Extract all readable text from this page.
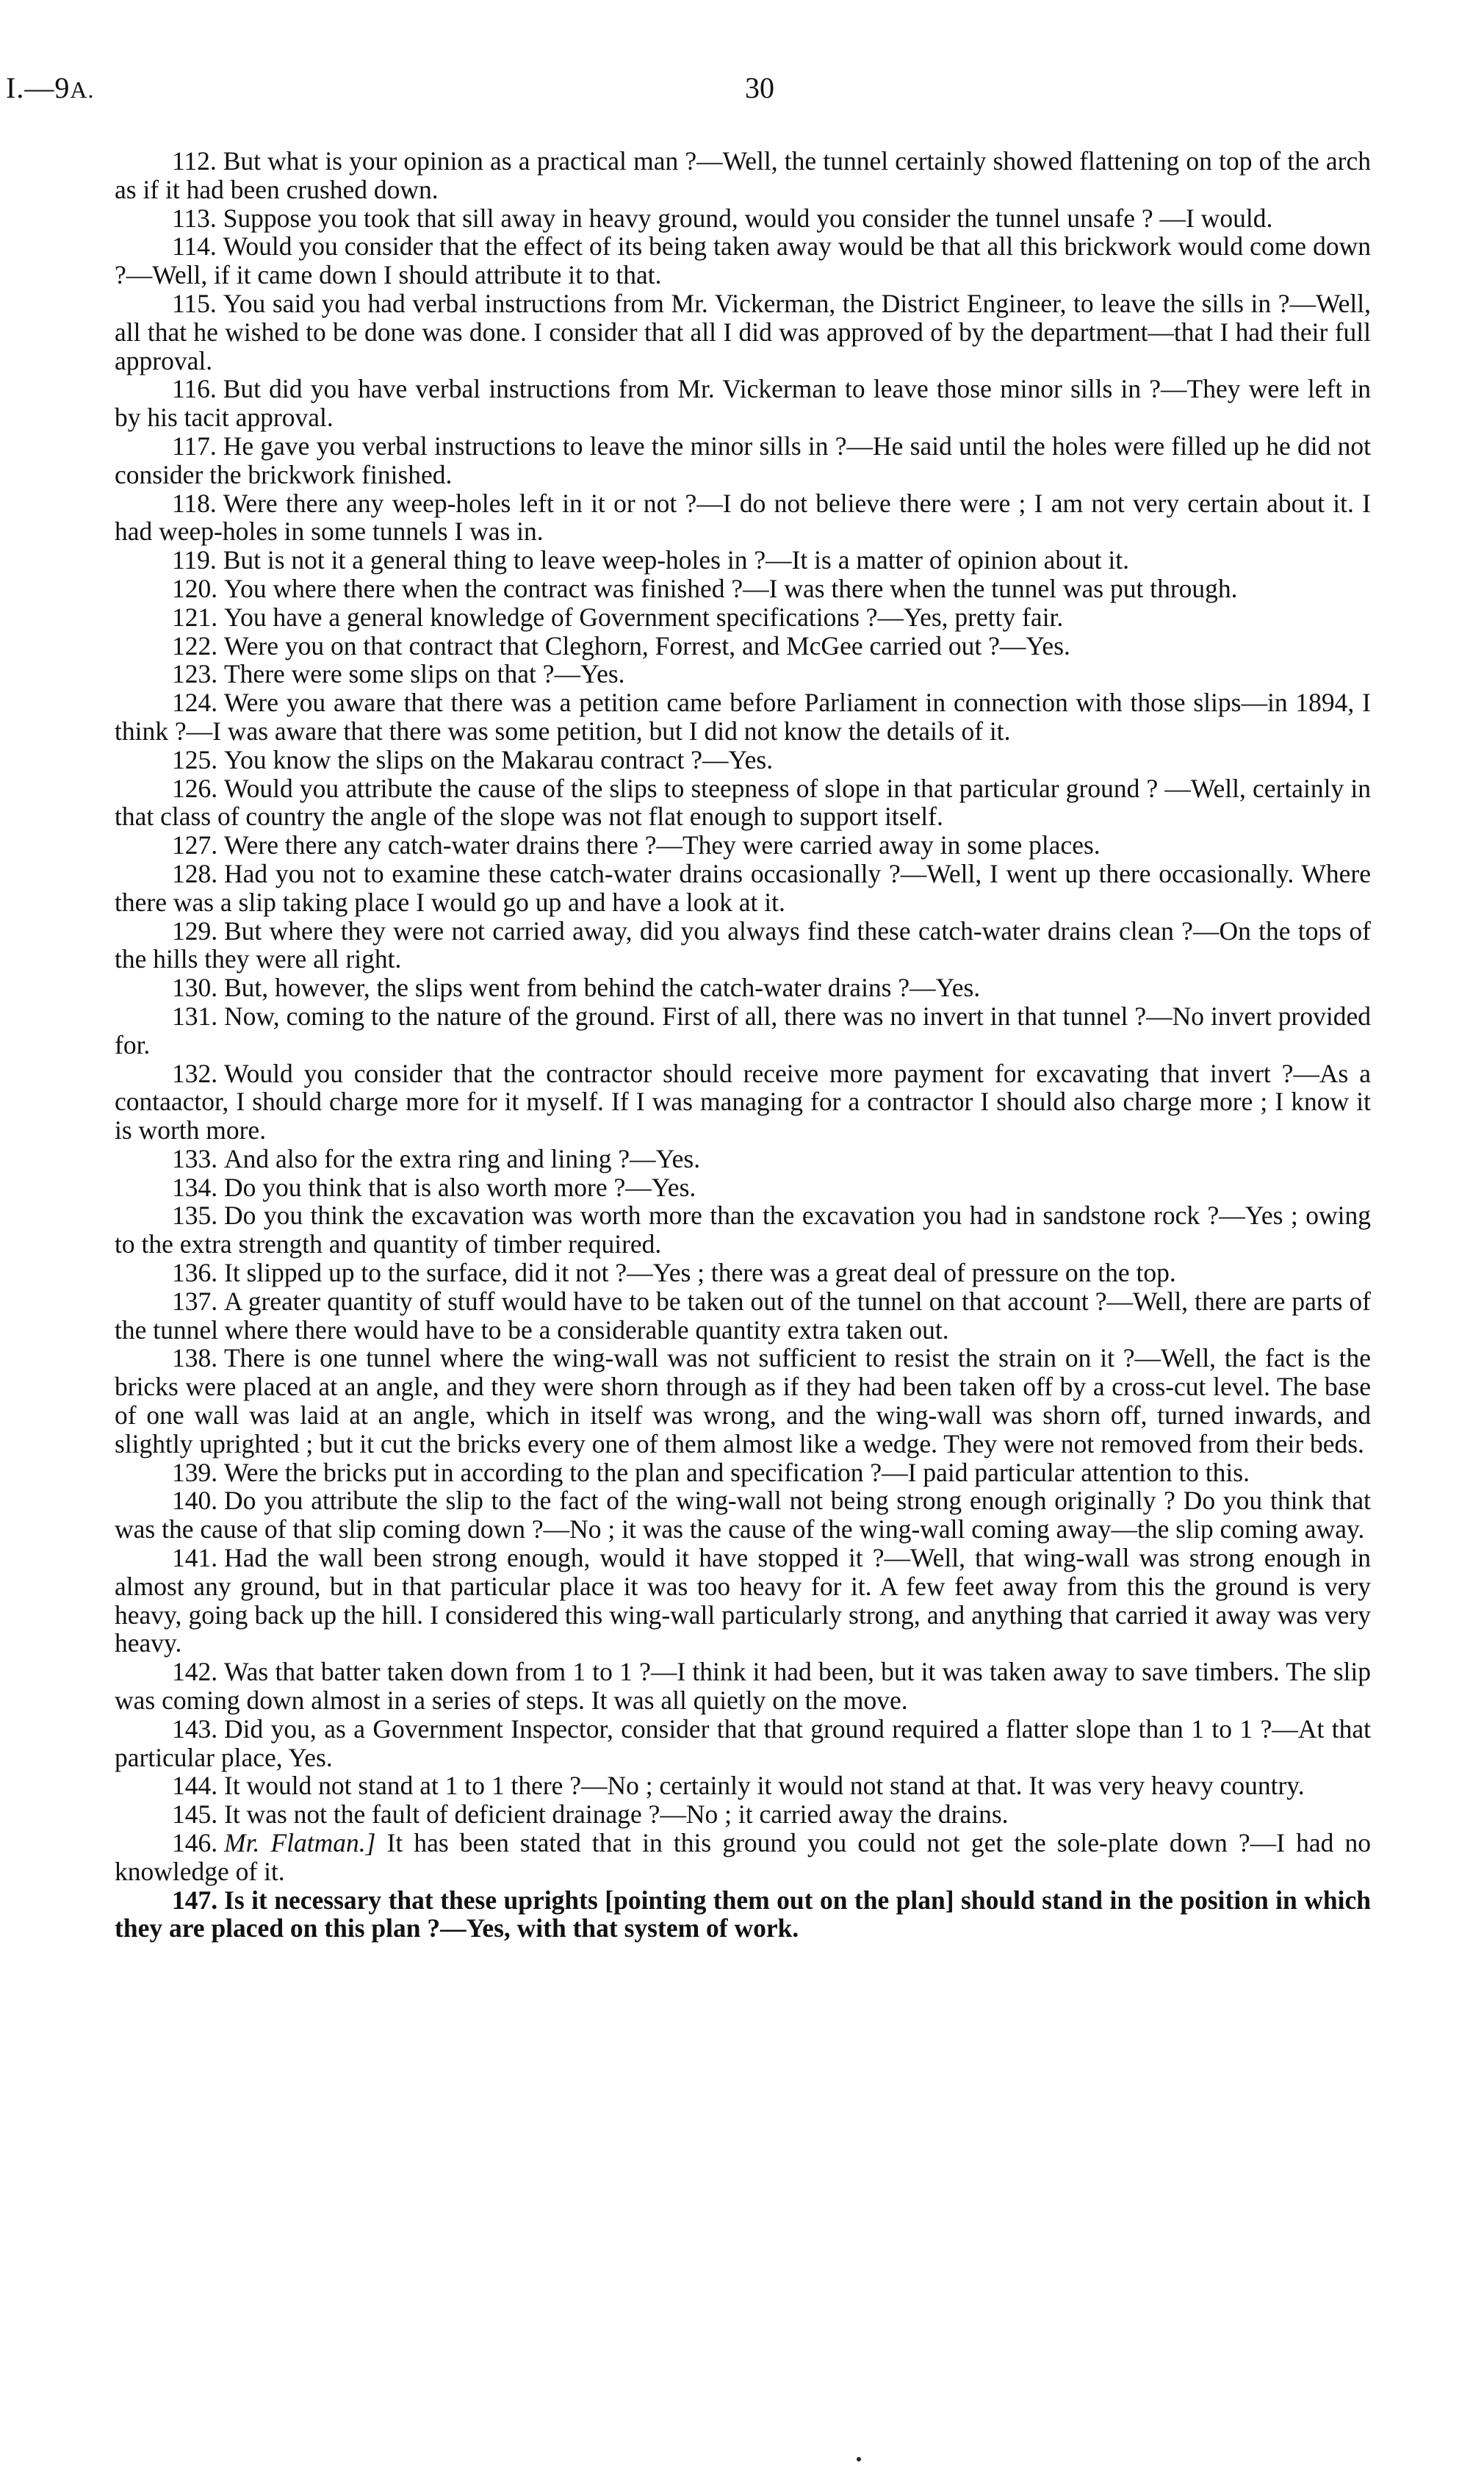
I.—9A.	30

112. But what is your opinion as a practical man ?—Well, the tunnel certainly showed flattening on top of the arch as if it had been crushed down.

113. Suppose you took that sill away in heavy ground, would you consider the tunnel unsafe ? —I would.

114. Would you consider that the effect of its being taken away would be that all this brickwork would come down ?—Well, if it came down I should attribute it to that.

115. You said you had verbal instructions from Mr. Vickerman, the District Engineer, to leave the sills in ?—Well, all that he wished to be done was done. I consider that all I did was approved of by the department—that I had their full approval.

116. But did you have verbal instructions from Mr. Vickerman to leave those minor sills in ?—They were left in by his tacit approval.

117. He gave you verbal instructions to leave the minor sills in ?—He said until the holes were filled up he did not consider the brickwork finished.

118. Were there any weep-holes left in it or not ?—I do not believe there were ; I am not very certain about it. I had weep-holes in some tunnels I was in.

119. But is not it a general thing to leave weep-holes in ?—It is a matter of opinion about it.

120. You where there when the contract was finished ?—I was there when the tunnel was put through.

121. You have a general knowledge of Government specifications ?—Yes, pretty fair.

122. Were you on that contract that Cleghorn, Forrest, and McGee carried out ?—Yes.

123. There were some slips on that ?—Yes.

124. Were you aware that there was a petition came before Parliament in connection with those slips—in 1894, I think ?—I was aware that there was some petition, but I did not know the details of it.

125. You know the slips on the Makarau contract ?—Yes.

126. Would you attribute the cause of the slips to steepness of slope in that particular ground ? —Well, certainly in that class of country the angle of the slope was not flat enough to support itself.

127. Were there any catch-water drains there ?—They were carried away in some places.

128. Had you not to examine these catch-water drains occasionally ?—Well, I went up there occasionally. Where there was a slip taking place I would go up and have a look at it.

129. But where they were not carried away, did you always find these catch-water drains clean ?—On the tops of the hills they were all right.

130. But, however, the slips went from behind the catch-water drains ?—Yes.

131. Now, coming to the nature of the ground. First of all, there was no invert in that tunnel ?—No invert provided for.

132. Would you consider that the contractor should receive more payment for excavating that invert ?—As a contaactor, I should charge more for it myself. If I was managing for a contractor I should also charge more ; I know it is worth more.

133. And also for the extra ring and lining ?—Yes.

134. Do you think that is also worth more ?—Yes.

135. Do you think the excavation was worth more than the excavation you had in sandstone rock ?—Yes ; owing to the extra strength and quantity of timber required.

136. It slipped up to the surface, did it not ?—Yes ; there was a great deal of pressure on the top.

137. A greater quantity of stuff would have to be taken out of the tunnel on that account ?—Well, there are parts of the tunnel where there would have to be a considerable quantity extra taken out.

138. There is one tunnel where the wing-wall was not sufficient to resist the strain on it ?—Well, the fact is the bricks were placed at an angle, and they were shorn through as if they had been taken off by a cross-cut level. The base of one wall was laid at an angle, which in itself was wrong, and the wing-wall was shorn off, turned inwards, and slightly uprighted ; but it cut the bricks every one of them almost like a wedge. They were not removed from their beds.

139. Were the bricks put in according to the plan and specification ?—I paid particular attention to this.

140. Do you attribute the slip to the fact of the wing-wall not being strong enough originally ? Do you think that was the cause of that slip coming down ?—No ; it was the cause of the wing-wall coming away—the slip coming away.

141. Had the wall been strong enough, would it have stopped it ?—Well, that wing-wall was strong enough in almost any ground, but in that particular place it was too heavy for it. A few feet away from this the ground is very heavy, going back up the hill. I considered this wing-wall particularly strong, and anything that carried it away was very heavy.

142. Was that batter taken down from 1 to 1 ?—I think it had been, but it was taken away to save timbers. The slip was coming down almost in a series of steps. It was all quietly on the move.

143. Did you, as a Government Inspector, consider that that ground required a flatter slope than 1 to 1 ?—At that particular place, Yes.

144. It would not stand at 1 to 1 there ?—No ; certainly it would not stand at that. It was very heavy country.

145. It was not the fault of deficient drainage ?—No ; it carried away the drains.

146. Mr. Flatman.] It has been stated that in this ground you could not get the sole-plate down ?—I had no knowledge of it.

147. Is it necessary that these uprights [pointing them out on the plan] should stand in the position in which they are placed on this plan ?—Yes, with that system of work.
